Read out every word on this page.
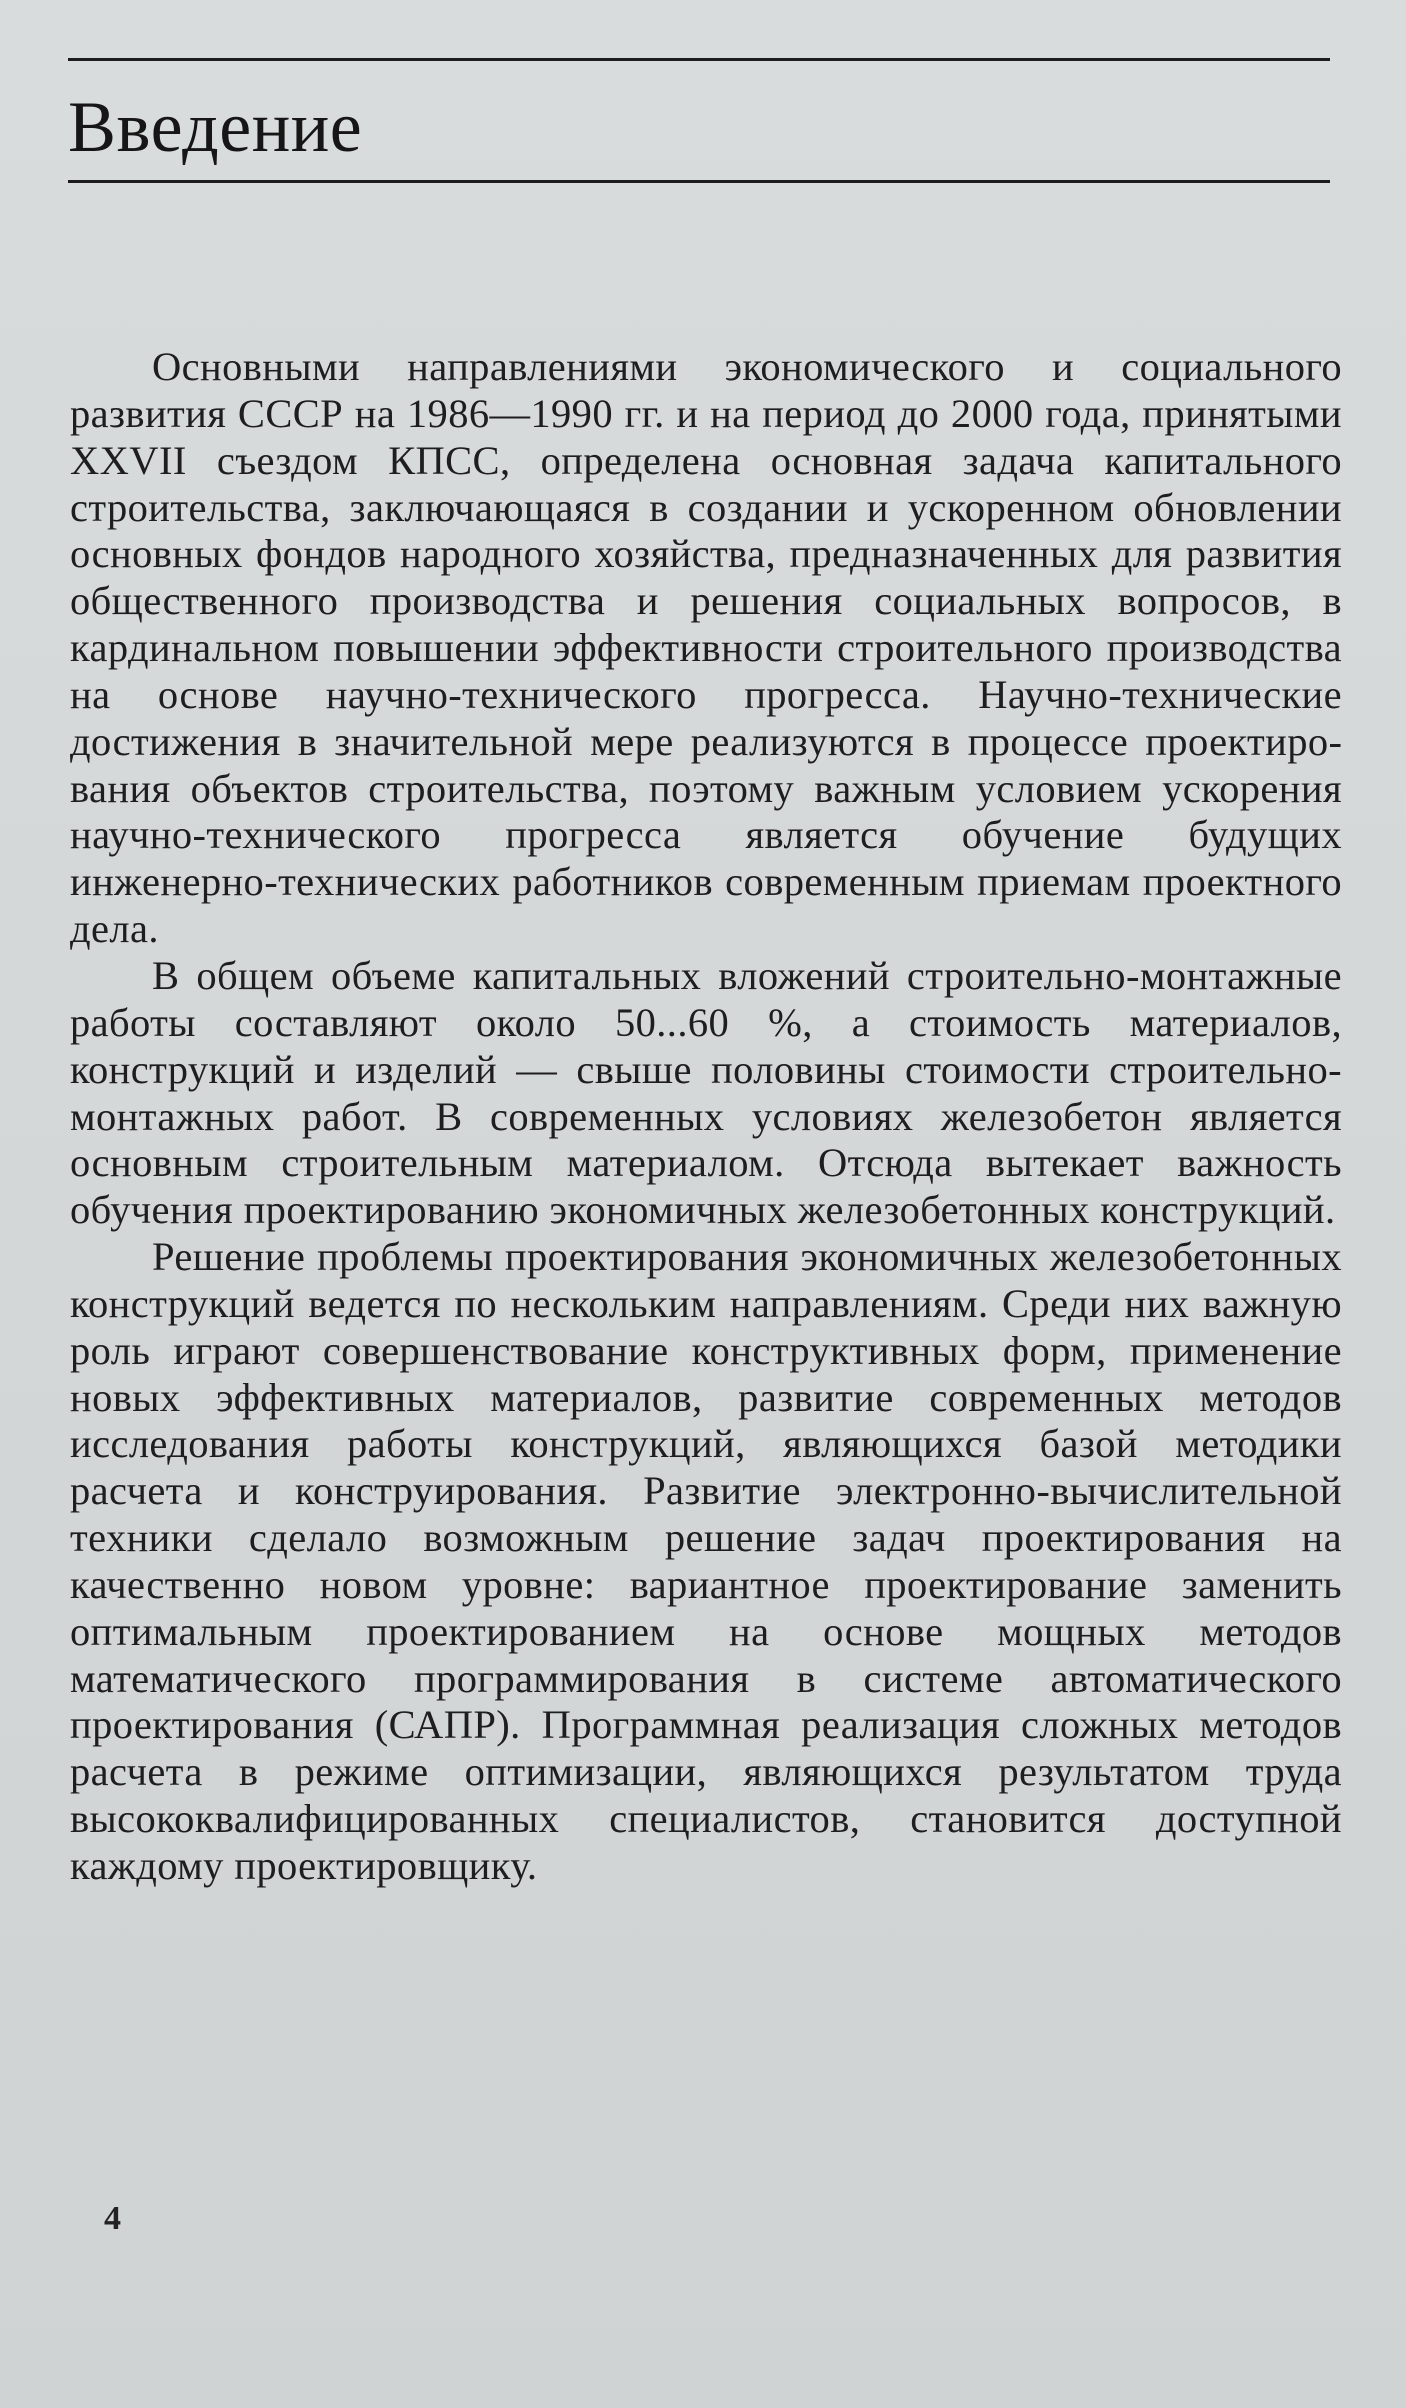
Введение

Основными направлениями экономического и социального развития СССР на 1986—1990 гг. и на период до 2000 года, принятыми XXVII съездом КПСС, определена основная задача капитального строительства, заключающаяся в создании и ускоренном обновлении основных фондов народного хозяйства, предназначенных для развития общественного производства и решения социальных вопросов, в кардинальном повышении эффективности строительного производства на основе научно-технического прогресса. Научно-технические достижения в значительной мере реализуются в процессе проектирования объектов строительства, поэтому важным условием ускорения научно-технического прогресса является обучение будущих инженерно-технических работников современным приемам проектного дела.

В общем объеме капитальных вложений строительно-монтажные работы составляют около 50...60 %, а стоимость материалов, конструкций и изделий — свыше половины стоимости строительно-монтажных работ. В современных условиях железобетон является основным строительным материалом. Отсюда вытекает важность обучения проектированию экономичных железобетонных конструкций.

Решение проблемы проектирования экономичных железобетонных конструкций ведется по нескольким направлениям. Среди них важную роль играют совершенствование конструктивных форм, применение новых эффективных материалов, развитие современных методов исследования работы конструкций, являющихся базой методики расчета и конструирования. Развитие электронно-вычислительной техники сделало возможным решение задач проектирования на качественно новом уровне: вариантное проектирование заменить оптимальным проектированием на основе мощных методов математического программирования в системе автоматического проектирования (САПР). Программная реализация сложных методов расчета в режиме оптимизации, являющихся результатом труда высококвалифицированных специалистов, становится доступной каждому проектировщику.

4
